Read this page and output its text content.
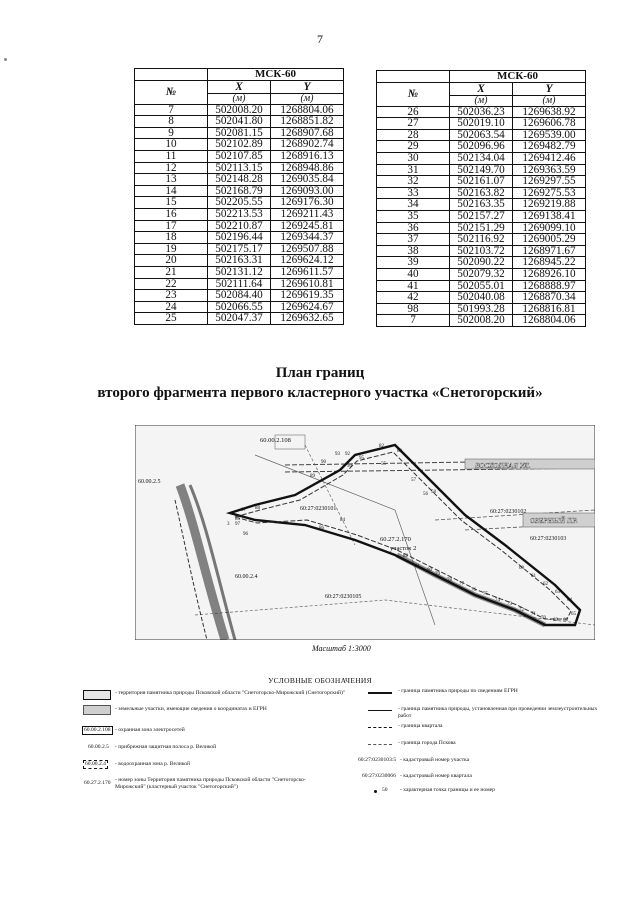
7
	МСК-60	
№	X	Y
	(м)	(м)
7	502008.20	1268804.06
8	502041.80	1268851.82
9	502081.15	1268907.68
10	502102.89	1268902.74
11	502107.85	1268916.13
12	502113.15	1268948.86
13	502148.28	1269035.84
14	502168.79	1269093.00
15	502205.55	1269176.30
16	502213.53	1269211.43
17	502210.87	1269245.81
18	502196.44	1269344.37
19	502175.17	1269507.88
20	502163.31	1269624.12
21	502131.12	1269611.57
22	502111.64	1269610.81
23	502084.40	1269619.35
24	502066.55	1269624.67
25	502047.37	1269632.65
	МСК-60	
№	X	Y
	(м)	(м)
26	502036.23	1269638.92
27	502019.10	1269606.78
28	502063.54	1269539.00
29	502096.96	1269482.79
30	502134.04	1269412.46
31	502149.70	1269363.59
32	502161.07	1269297.55
33	502163.82	1269275.53
34	502163.35	1269219.88
35	502157.27	1269138.41
36	502151.29	1269099.10
37	502116.92	1269005.29
38	502103.72	1268971.67
39	502090.22	1268945.22
40	502079.32	1268926.10
41	502055.01	1268888.97
42	502040.08	1268870.34
98	501993.28	1268816.81
7	502008.20	1268804.06
План границ
второго фрагмента первого кластерного участка «Снетогорский»
60.00.2.108
ВОСХОДНАЯ УЛ.
60.00.2.5
60:27:0230101	60:27:0230102
60.27.2.170
участок 2
60.00.2.4
60:27:0230105
60:27:0230103
ОЗЕРНЫЙ ПР.
82
83
95
55
94
92
93
90
89
88
87
85
86
84
57
56 58
97
96
3
82
81
80
79
78
77
76
75
74
73
72
71
70 69 68
65
64
63
62
61
60
Масштаб 1:3000
УСЛОВНЫЕ ОБОЗНАЧЕНИЯ
- территория памятника природы Псковской области "Снетогорско-Мирожский (Снетогорский)"
- земельные участки, имеющие сведения о координатах в ЕГРН
60.00.2.108 - охранная зона электросетей
60.00.2.5 - прибрежная защитная полоса р. Великой
60.00.2.4	- водоохранная зона р. Великой
60.27.2.170 - номер зоны Территория памятника природы Псковской области "Снетогорско-Мирожский" (кластерный участок "Снетогорский")
- граница памятника природы по сведениям ЕГРН
- граница памятника природы, установленная при проведении землеустроительных работ
- граница квартала
- граница города Пскова
60:27:0230103:5 - кадастровый номер участка
60:27:0230066 - кадастровый номер квартала
50 - характерная точка границы и ее номер
